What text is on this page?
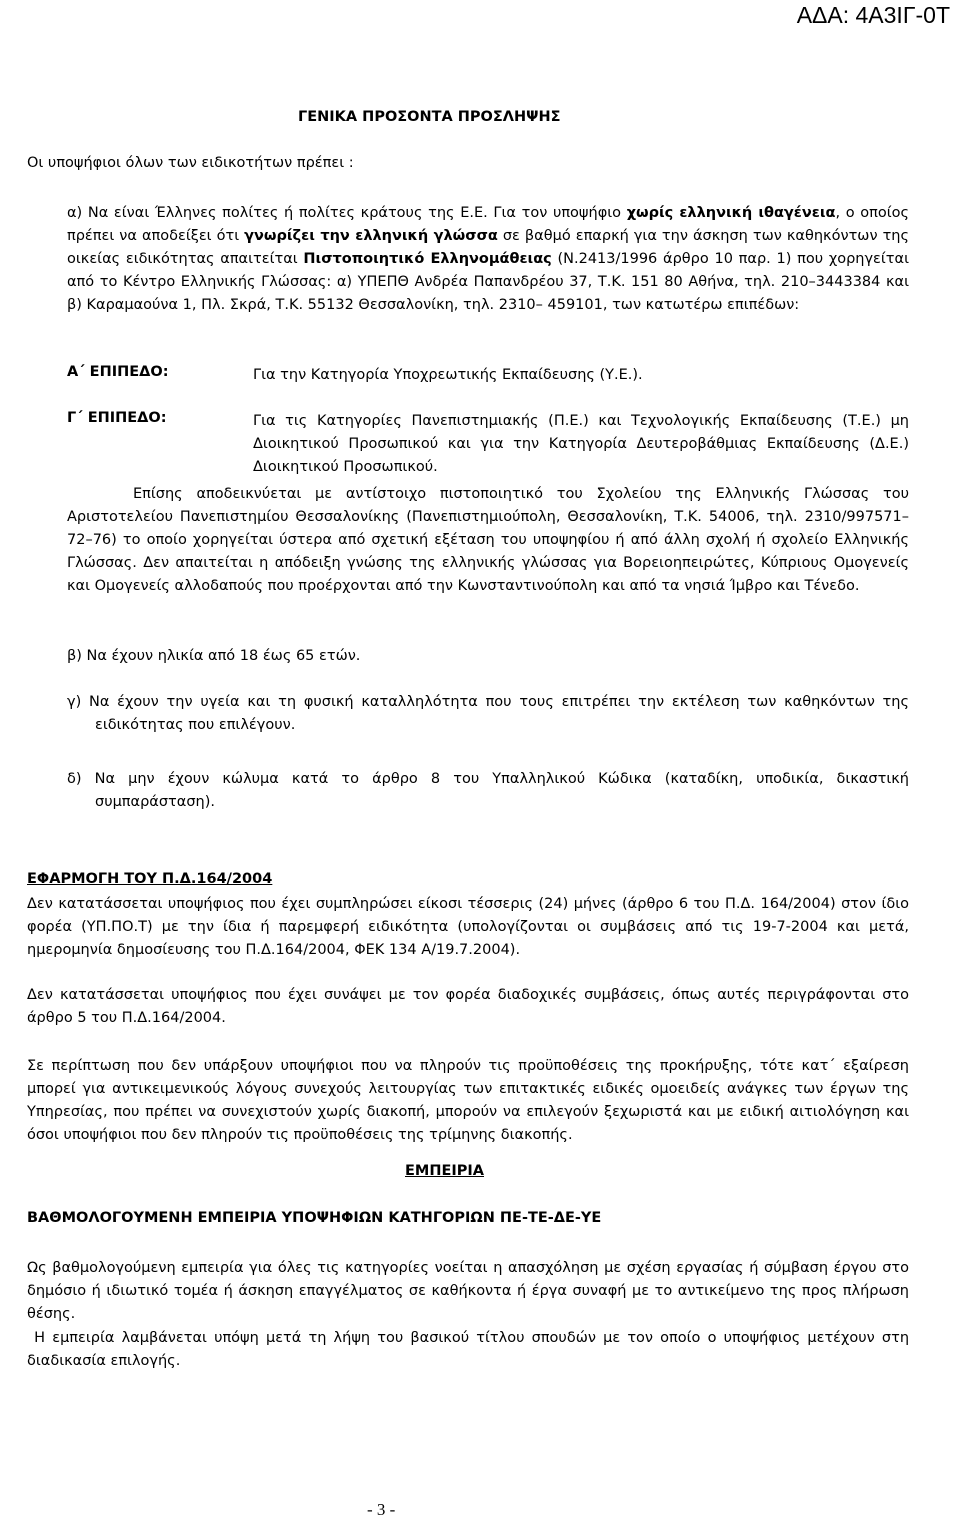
ΑΔΑ: 4Α3ΙΓ-0Τ
ΓΕΝΙΚΑ ΠΡΟΣΟΝΤΑ ΠΡΟΣΛΗΨΗΣ
Οι υποψήφιοι όλων των ειδικοτήτων πρέπει :
α) Να είναι Έλληνες πολίτες ή πολίτες κράτους της Ε.Ε. Για τον υποψήφιο χωρίς ελληνική ιθαγένεια, ο οποίος πρέπει να αποδείξει ότι γνωρίζει την ελληνική γλώσσα σε βαθμό επαρκή για την άσκηση των καθηκόντων της οικείας ειδικότητας απαιτείται Πιστοποιητικό Ελληνομάθειας (Ν.2413/1996 άρθρο 10 παρ. 1) που χορηγείται από το Κέντρο Ελληνικής Γλώσσας: α) ΥΠΕΠΘ Ανδρέα Παπανδρέου 37, Τ.Κ. 151 80 Αθήνα, τηλ. 210–3443384 και β) Καραμαούνα 1, Πλ. Σκρά, Τ.Κ. 55132 Θεσσαλονίκη, τηλ. 2310– 459101, των κατωτέρω επιπέδων:
Α΄ ΕΠΙΠΕΔΟ:	Για την Κατηγορία Υποχρεωτικής Εκπαίδευσης (Υ.Ε.).
Γ΄ ΕΠΙΠΕΔΟ:	Για τις Κατηγορίες Πανεπιστημιακής (Π.Ε.) και Τεχνολογικής Εκπαίδευσης (Τ.Ε.) μη Διοικητικού Προσωπικού και για την Κατηγορία Δευτεροβάθμιας Εκπαίδευσης (Δ.Ε.) Διοικητικού Προσωπικού.
Επίσης αποδεικνύεται με αντίστοιχο πιστοποιητικό του Σχολείου της Ελληνικής Γλώσσας του Αριστοτελείου Πανεπιστημίου Θεσσαλονίκης (Πανεπιστημιούπολη, Θεσσαλονίκη, Τ.Κ. 54006, τηλ. 2310/997571–72–76) το οποίο χορηγείται ύστερα από σχετική εξέταση του υποψηφίου ή από άλλη σχολή ή σχολείο Ελληνικής Γλώσσας. Δεν απαιτείται η απόδειξη γνώσης της ελληνικής γλώσσας για Βορειοηπειρώτες, Κύπριους Ομογενείς και Ομογενείς αλλοδαπούς που προέρχονται από την Κωνσταντινούπολη και από τα νησιά Ίμβρο και Τένεδο.
β) Να έχουν ηλικία από 18 έως 65 ετών.
γ) Να έχουν την υγεία και τη φυσική καταλληλότητα που τους επιτρέπει την εκτέλεση των καθηκόντων της ειδικότητας που επιλέγουν.
δ) Να μην έχουν κώλυμα κατά το άρθρο 8 του Υπαλληλικού Κώδικα (καταδίκη, υποδικία, δικαστική συμπαράσταση).
ΕΦΑΡΜΟΓΗ ΤΟΥ Π.Δ.164/2004
Δεν κατατάσσεται υποψήφιος που έχει συμπληρώσει είκοσι τέσσερις (24) μήνες (άρθρο 6 του Π.Δ. 164/2004) στον ίδιο φορέα (ΥΠ.ΠΟ.Τ) με την ίδια ή παρεμφερή ειδικότητα (υπολογίζονται οι συμβάσεις από τις 19-7-2004 και μετά, ημερομηνία δημοσίευσης του Π.Δ.164/2004, ΦΕΚ 134 Α/19.7.2004).
Δεν κατατάσσεται υποψήφιος που έχει συνάψει με τον φορέα διαδοχικές συμβάσεις, όπως αυτές περιγράφονται στο άρθρο 5 του Π.Δ.164/2004.
Σε περίπτωση που δεν υπάρξουν υποψήφιοι που να πληρούν τις προϋποθέσεις της προκήρυξης, τότε κατ΄ εξαίρεση μπορεί για αντικειμενικούς λόγους συνεχούς λειτουργίας των επιτακτικές ειδικές ομοειδείς ανάγκες των έργων της Υπηρεσίας, που πρέπει να συνεχιστούν χωρίς διακοπή, μπορούν να επιλεγούν ξεχωριστά και με ειδική αιτιολόγηση και όσοι υποψήφιοι που δεν πληρούν τις προϋποθέσεις της τρίμηνης διακοπής.
ΕΜΠΕΙΡΙΑ
ΒΑΘΜΟΛΟΓΟΥΜΕΝΗ ΕΜΠΕΙΡΙΑ ΥΠΟΨΗΦΙΩΝ ΚΑΤΗΓΟΡΙΩΝ ΠΕ-ΤΕ-ΔΕ-ΥΕ
Ως βαθμολογούμενη εμπειρία για όλες τις κατηγορίες νοείται η απασχόληση με σχέση εργασίας ή σύμβαση έργου στο δημόσιο ή ιδιωτικό τομέα ή άσκηση επαγγέλματος σε καθήκοντα ή έργα συναφή με το αντικείμενο της προς πλήρωση θέσης.
Η εμπειρία λαμβάνεται υπόψη μετά τη λήψη του βασικού τίτλου σπουδών με τον οποίο ο υποψήφιος μετέχουν στη διαδικασία επιλογής.
- 3 -
